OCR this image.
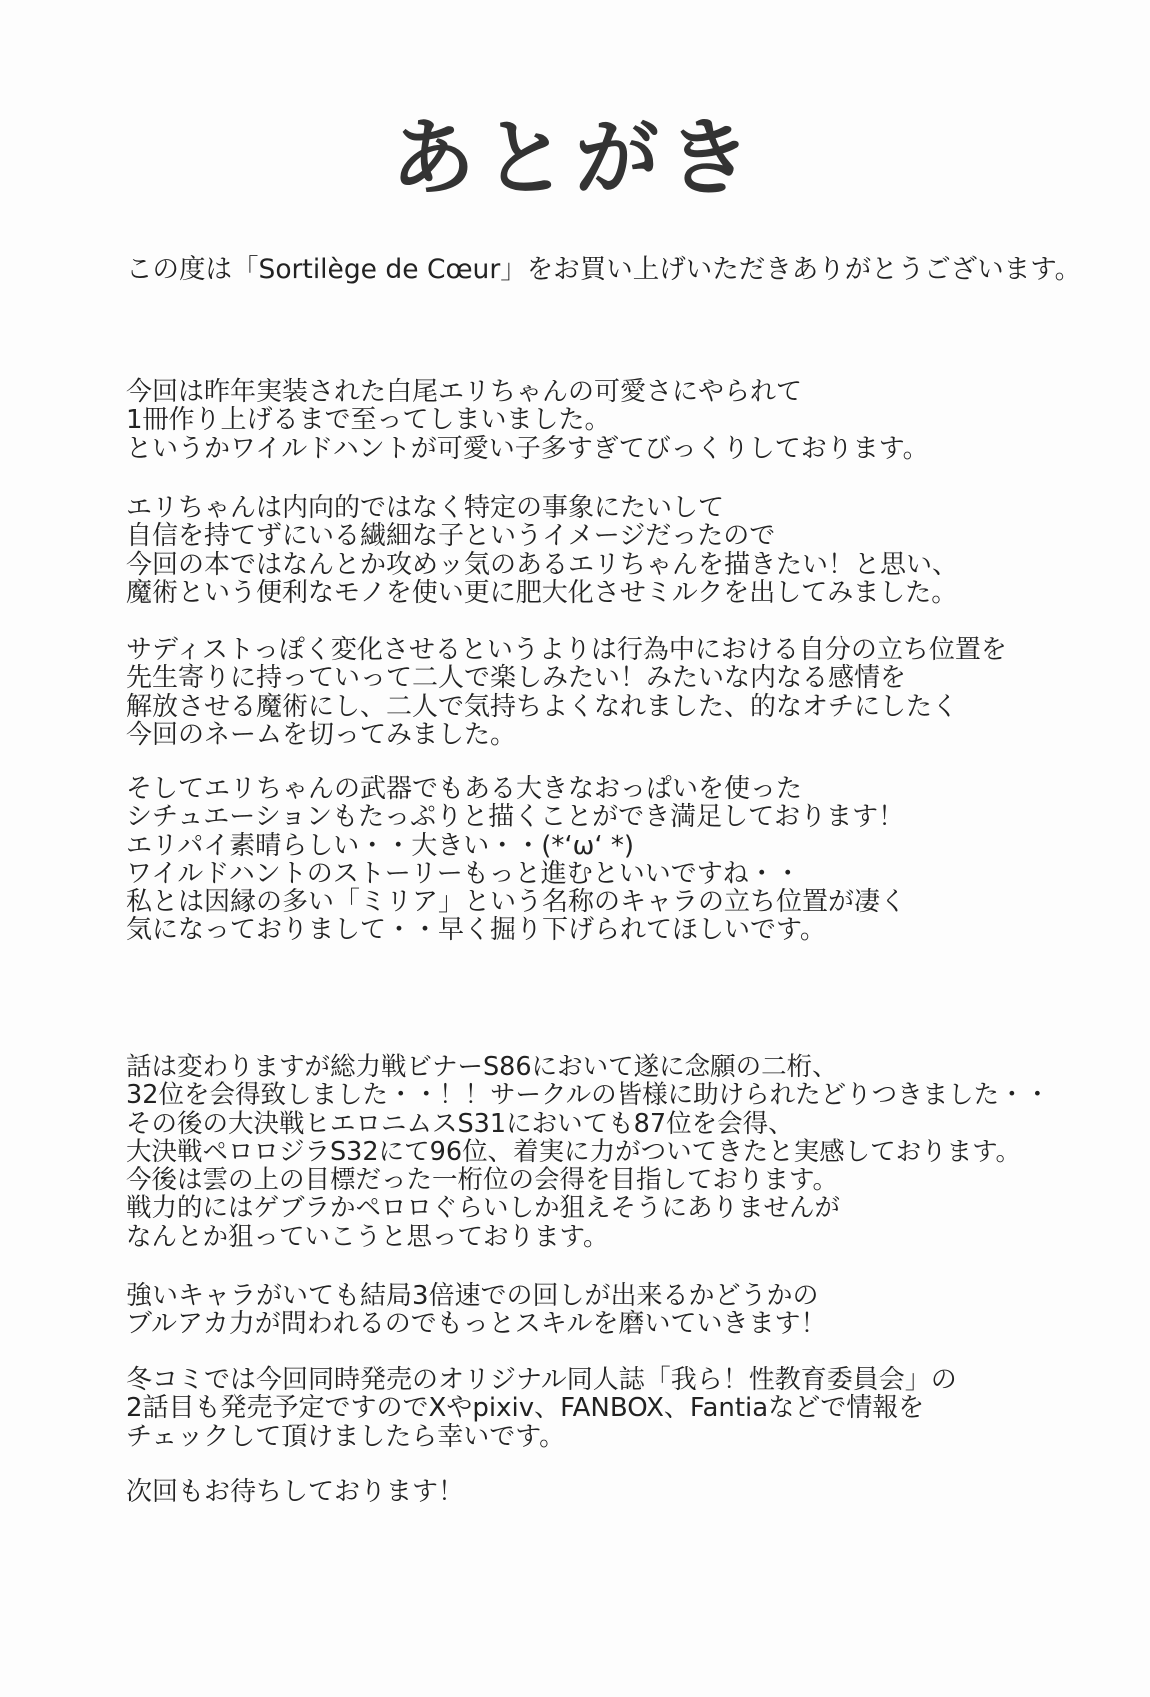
あとがき

この度は「Sortilège de Cœur」をお買い上げいただきありがとうございます。

今回は昨年実装された白尾エリちゃんの可愛さにやられて
1冊作り上げるまで至ってしまいました。
というかワイルドハントが可愛い子多すぎてびっくりしております。

エリちゃんは内向的ではなく特定の事象にたいして
自信を持てずにいる繊細な子というイメージだったので
今回の本ではなんとか攻めッ気のあるエリちゃんを描きたい！と思い、
魔術という便利なモノを使い更に肥大化させミルクを出してみました。

サディストっぽく変化させるというよりは行為中における自分の立ち位置を
先生寄りに持っていって二人で楽しみたい！みたいな内なる感情を
解放させる魔術にし、二人で気持ちよくなれました、的なオチにしたく
今回のネームを切ってみました。

そしてエリちゃんの武器でもある大きなおっぱいを使った
シチュエーションもたっぷりと描くことができ満足しております！
エリパイ素晴らしい・・大きい・・(*‘ω‘ *)
ワイルドハントのストーリーもっと進むといいですね・・
私とは因縁の多い「ミリア」という名称のキャラの立ち位置が凄く
気になっておりまして・・早く掘り下げられてほしいです。

話は変わりますが総力戦ビナーS86において遂に念願の二桁、
32位を会得致しました・・！！サークルの皆様に助けられたどりつきました・・
その後の大決戦ヒエロニムスS31においても87位を会得、
大決戦ペロロジラS32にて96位、着実に力がついてきたと実感しております。
今後は雲の上の目標だった一桁位の会得を目指しております。
戦力的にはゲブラかペロロぐらいしか狙えそうにありませんが
なんとか狙っていこうと思っております。

強いキャラがいても結局3倍速での回しが出来るかどうかの
ブルアカ力が問われるのでもっとスキルを磨いていきます！

冬コミでは今回同時発売のオリジナル同人誌「我ら！性教育委員会」の
2話目も発売予定ですのでXやpixiv、FANBOX、Fantiaなどで情報を
チェックして頂けましたら幸いです。

次回もお待ちしております！
